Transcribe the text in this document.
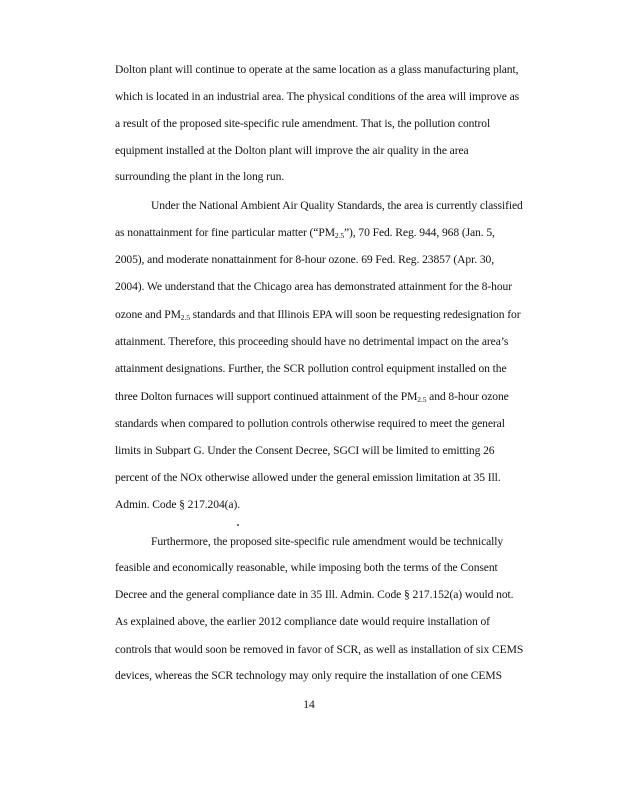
Dolton plant will continue to operate at the same location as a glass manufacturing plant,
which is located in an industrial area. The physical conditions of the area will improve as
a result of the proposed site-specific rule amendment. That is, the pollution control
equipment installed at the Dolton plant will improve the air quality in the area
surrounding the plant in the long run.
Under the National Ambient Air Quality Standards, the area is currently classified
as nonattainment for fine particular matter $(“PM_{2.5}”)$, 70 Fed. Reg. 944, 968 (Jan. 5,
2005), and moderate nonattainment for 8-hour ozone. 69 Fed. Reg. 23857 (Apr. 30,
2004). We understand that the Chicago area has demonstrated attainment for the 8-hour
ozone and $PM_{2.5}$ standards and that Illinois EPA will soon be requesting redesignation for
attainment. Therefore, this proceeding should have no detrimental impact on the area’s
attainment designations. Further, the SCR pollution control equipment installed on the
three Dolton furnaces will support continued attainment of the $PM_{2.5}$ and 8-hour ozone
standards when compared to pollution controls otherwise required to meet the general
limits in Subpart G. Under the Consent Decree, SGCI will be limited to emitting 26
percent of the NOx otherwise allowed under the general emission limitation at 35 Ill.
Admin. Code § 217.204(a).
Furthermore, the proposed site-specific rule amendment would be technically
feasible and economically reasonable, while imposing both the terms of the Consent
Decree and the general compliance date in 35 Ill. Admin. Code § 217.152(a) would not.
As explained above, the earlier 2012 compliance date would require installation of
controls that would soon be removed in favor of SCR, as well as installation of six CEMS
devices, whereas the SCR technology may only require the installation of one CEMS
14
